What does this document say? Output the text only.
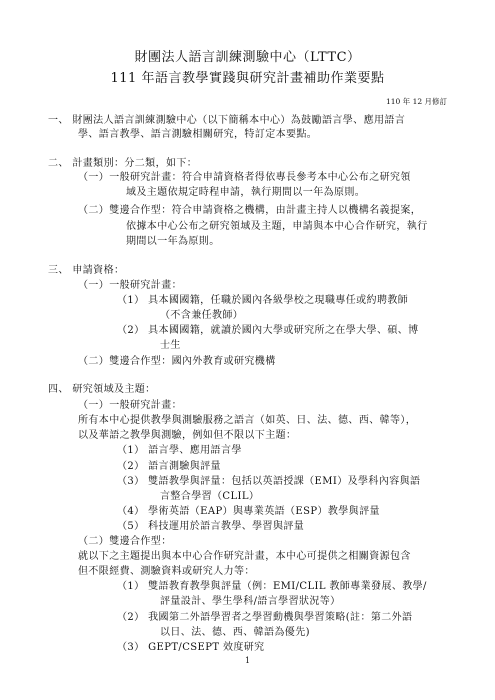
財團法人語言訓練測驗中心（LTTC）
111 年語言教學實踐與研究計畫補助作業要點
110 年 12 月修訂
一、 財團法人語言訓練測驗中心（以下簡稱本中心）為鼓勵語言學、應用語言
學、語言教學、語言測驗相關研究，特訂定本要點。
二、 計畫類別：分二類，如下：
（一）一般研究計畫：符合申請資格者得依專長參考本中心公布之研究領
域及主題依規定時程申請，執行期間以一年為原則。
（二）雙邊合作型：符合申請資格之機構，由計畫主持人以機構名義提案，
依據本中心公布之研究領域及主題，申請與本中心合作研究，執行
期間以一年為原則。
三、 申請資格：
（一）一般研究計畫：
（1） 具本國國籍，任職於國內各級學校之現職專任或約聘教師
（不含兼任教師）
（2） 具本國國籍，就讀於國內大學或研究所之在學大學、碩、博
士生
（二）雙邊合作型：國內外教育或研究機構
四、 研究領域及主題：
（一）一般研究計畫：
所有本中心提供教學與測驗服務之語言（如英、日、法、德、西、韓等），
以及華語之教學與測驗，例如但不限以下主題：
（1） 語言學、應用語言學
（2） 語言測驗與評量
（3） 雙語教學與評量：包括以英語授課（EMI）及學科內容與語
言整合學習（CLIL）
（4） 學術英語（EAP）與專業英語（ESP）教學與評量
（5） 科技運用於語言教學、學習與評量
（二）雙邊合作型：
就以下之主題提出與本中心合作研究計畫，本中心可提供之相關資源包含
但不限經費、測驗資料或研究人力等：
（1） 雙語教育教學與評量（例：EMI/CLIL 教師專業發展、教學/
評量設計、學生學科/語言學習狀況等）
（2） 我國第二外語學習者之學習動機與學習策略(註：第二外語
以日、法、德、西、韓語為優先)
（3） GEPT/CSEPT 效度研究
1
